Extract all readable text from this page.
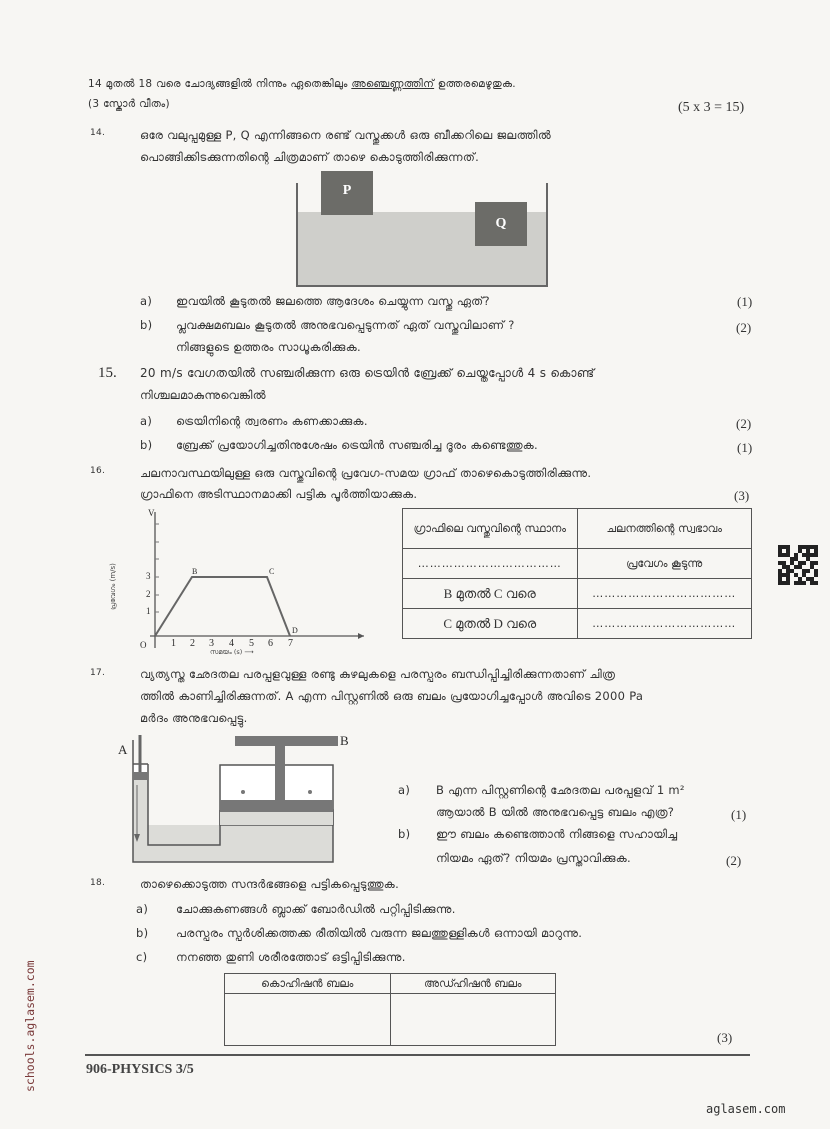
14 മുതൽ 18 വരെ ചോദ്യങ്ങളിൽ നിന്നും ഏതെങ്കിലും അഞ്ചെണ്ണത്തിന് ഉത്തരമെഴുതുക.
(3 സ്കോർ വീതം)	(5 x 3 = 15)
14.	ഒരേ വലുപ്പമുള്ള P, Q എന്നിങ്ങനെ രണ്ട് വസ്തുക്കൾ ഒരു ബീക്കറിലെ ജലത്തിൽ
പൊങ്ങിക്കിടക്കുന്നതിന്റെ ചിത്രമാണ് താഴെ കൊടുത്തിരിക്കുന്നത്.
P
Q
a) ഇവയിൽ കൂടുതൽ ജലത്തെ ആദേശം ചെയ്യുന്ന വസ്തു ഏത്?	(1)
b) പ്ലവക്ഷമബലം കൂടുതൽ അനുഭവപ്പെടുന്നത് ഏത് വസ്തുവിലാണ് ?
നിങ്ങളുടെ ഉത്തരം സാധൂകരിക്കുക.
(2)
15. 20 m/s വേഗതയിൽ സഞ്ചരിക്കുന്ന ഒരു ട്രെയിൻ ബ്രേക്ക് ചെയ്തപ്പോൾ 4 s കൊണ്ട്
നിശ്ചലമാകുന്നുവെങ്കിൽ
a) ട്രെയിനിന്റെ ത്വരണം കണക്കാക്കുക.	(2)
b) ബ്രേക്ക് പ്രയോഗിച്ചതിനുശേഷം ട്രെയിൻ സഞ്ചരിച്ച ദൂരം കണ്ടെത്തുക.	(1)
16.	ചലനാവസ്ഥയിലുള്ള ഒരു വസ്തുവിന്റെ പ്രവേഗ-സമയ ഗ്രാഫ് താഴെകൊടുത്തിരിക്കുന്നു.
ഗ്രാഫിനെ അടിസ്ഥാനമാക്കി പട്ടിക പൂർത്തിയാക്കുക.	(3)
V
പ്രവേഗം (m/s)
1
2
3	B	C
D
O 1 2 3 4 5 6 7
സമയം (s) ⟶
ഗ്രാഫിലെ വസ്തുവിന്റെ സ്ഥാനം	ചലനത്തിന്റെ സ്വഭാവം
………………………………	പ്രവേഗം കൂടുന്നു
B മുതൽ C വരെ	………………………………
C മുതൽ D വരെ	………………………………
17.	വ്യത്യസ്ത ഛേദതല പരപ്പളവുള്ള രണ്ടു കുഴലുകളെ പരസ്പരം ബന്ധിപ്പിച്ചിരിക്കുന്നതാണ് ചിത്ര
ത്തിൽ കാണിച്ചിരിക്കുന്നത്. A എന്ന പിസ്റ്റണിൽ ഒരു ബലം പ്രയോഗിച്ചപ്പോൾ അവിടെ 2000 Pa
മർദം അനുഭവപ്പെട്ടു.
A
B
a) B എന്ന പിസ്റ്റണിന്റെ ഛേദതല പരപ്പളവ് 1 m²
ആയാൽ B യിൽ അനുഭവപ്പെട്ട ബലം എത്ര?	(1)
b) ഈ ബലം കണ്ടെത്താൻ നിങ്ങളെ സഹായിച്ച
നിയമം ഏത്? നിയമം പ്രസ്താവിക്കുക.	(2)
18.	താഴെക്കൊടുത്ത സന്ദർഭങ്ങളെ പട്ടികപ്പെടുത്തുക.
a) ചോക്കുകണങ്ങൾ ബ്ലാക്ക് ബോർഡിൽ പറ്റിപ്പിടിക്കുന്നു.
b) പരസ്പരം സ്പർശിക്കത്തക്ക രീതിയിൽ വരുന്ന ജലത്തുള്ളികൾ ഒന്നായി മാറുന്നു.
c) നനഞ്ഞ തുണി ശരീരത്തോട് ഒട്ടിപ്പിടിക്കുന്നു.
കൊഹിഷൻ ബലം	അഡ്ഹിഷൻ ബലം

(3)
906-PHYSICS 3/5
schools.aglasem.com
aglasem.com
